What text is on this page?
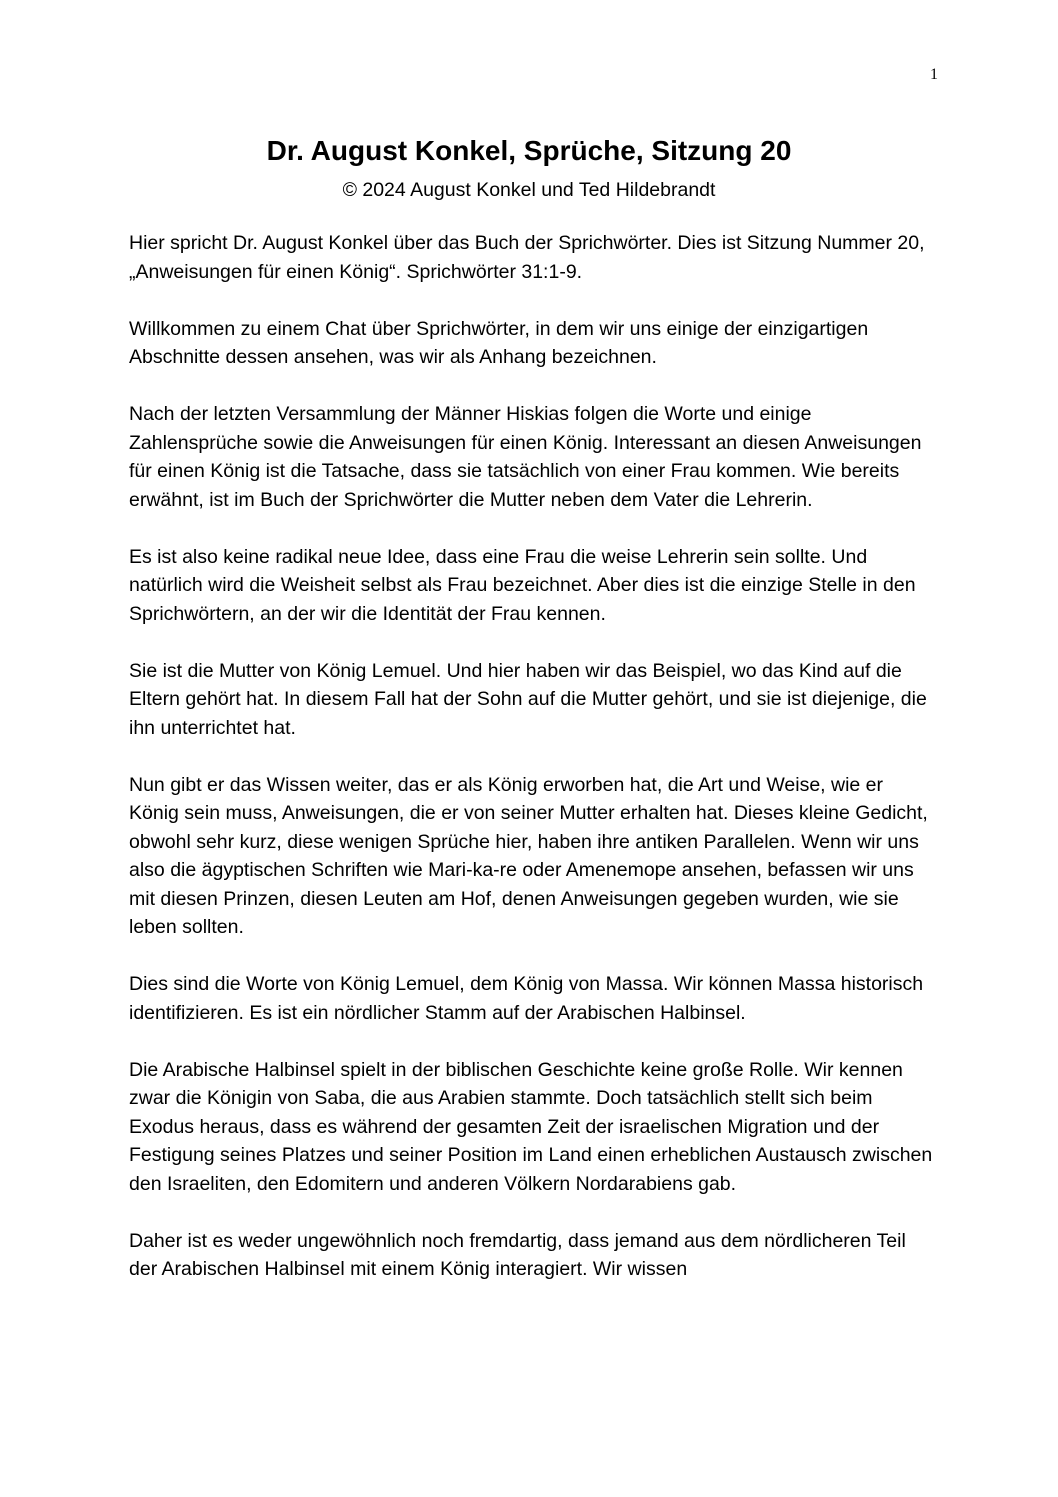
1
Dr. August Konkel, Sprüche, Sitzung 20

© 2024 August Konkel und Ted Hildebrandt

Hier spricht Dr. August Konkel über das Buch der Sprichwörter. Dies ist Sitzung Nummer 20, „Anweisungen für einen König“. Sprichwörter 31:1-9.

Willkommen zu einem Chat über Sprichwörter, in dem wir uns einige der einzigartigen Abschnitte dessen ansehen, was wir als Anhang bezeichnen.

Nach der letzten Versammlung der Männer Hiskias folgen die Worte und einige Zahlensprüche sowie die Anweisungen für einen König. Interessant an diesen Anweisungen für einen König ist die Tatsache, dass sie tatsächlich von einer Frau kommen. Wie bereits erwähnt, ist im Buch der Sprichwörter die Mutter neben dem Vater die Lehrerin.

Es ist also keine radikal neue Idee, dass eine Frau die weise Lehrerin sein sollte. Und natürlich wird die Weisheit selbst als Frau bezeichnet. Aber dies ist die einzige Stelle in den Sprichwörtern, an der wir die Identität der Frau kennen.

Sie ist die Mutter von König Lemuel. Und hier haben wir das Beispiel, wo das Kind auf die Eltern gehört hat. In diesem Fall hat der Sohn auf die Mutter gehört, und sie ist diejenige, die ihn unterrichtet hat.

Nun gibt er das Wissen weiter, das er als König erworben hat, die Art und Weise, wie er König sein muss, Anweisungen, die er von seiner Mutter erhalten hat. Dieses kleine Gedicht, obwohl sehr kurz, diese wenigen Sprüche hier, haben ihre antiken Parallelen. Wenn wir uns also die ägyptischen Schriften wie Mari-ka-re oder Amenemope ansehen, befassen wir uns mit diesen Prinzen, diesen Leuten am Hof, denen Anweisungen gegeben wurden, wie sie leben sollten.

Dies sind die Worte von König Lemuel, dem König von Massa. Wir können Massa historisch identifizieren. Es ist ein nördlicher Stamm auf der Arabischen Halbinsel.

Die Arabische Halbinsel spielt in der biblischen Geschichte keine große Rolle. Wir kennen zwar die Königin von Saba, die aus Arabien stammte. Doch tatsächlich stellt sich beim Exodus heraus, dass es während der gesamten Zeit der israelischen Migration und der Festigung seines Platzes und seiner Position im Land einen erheblichen Austausch zwischen den Israeliten, den Edomitern und anderen Völkern Nordarabiens gab.

Daher ist es weder ungewöhnlich noch fremdartig, dass jemand aus dem nördlicheren Teil der Arabischen Halbinsel mit einem König interagiert. Wir wissen
